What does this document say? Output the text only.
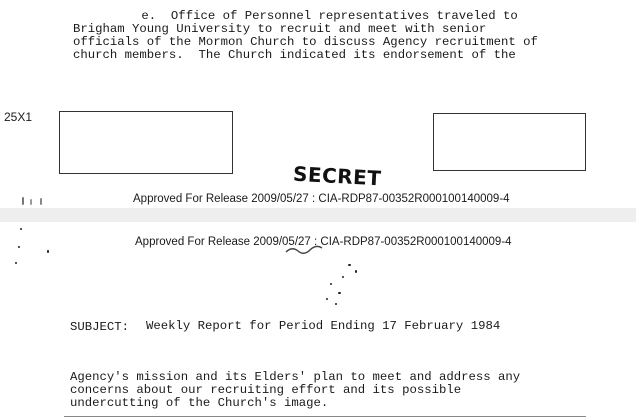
e.  Office of Personnel representatives traveled to
Brigham Young University to recruit and meet with senior
officials of the Mormon Church to discuss Agency recruitment of
church members.  The Church indicated its endorsement of the
25X1
SECRET
Approved For Release 2009/05/27 : CIA-RDP87-00352R000100140009-4
Approved For Release 2009/05/27 : CIA-RDP87-00352R000100140009-4
SUBJECT: Weekly Report for Period Ending 17 February 1984
Agency's mission and its Elders' plan to meet and address any
concerns about our recruiting effort and its possible
undercutting of the Church's image.
